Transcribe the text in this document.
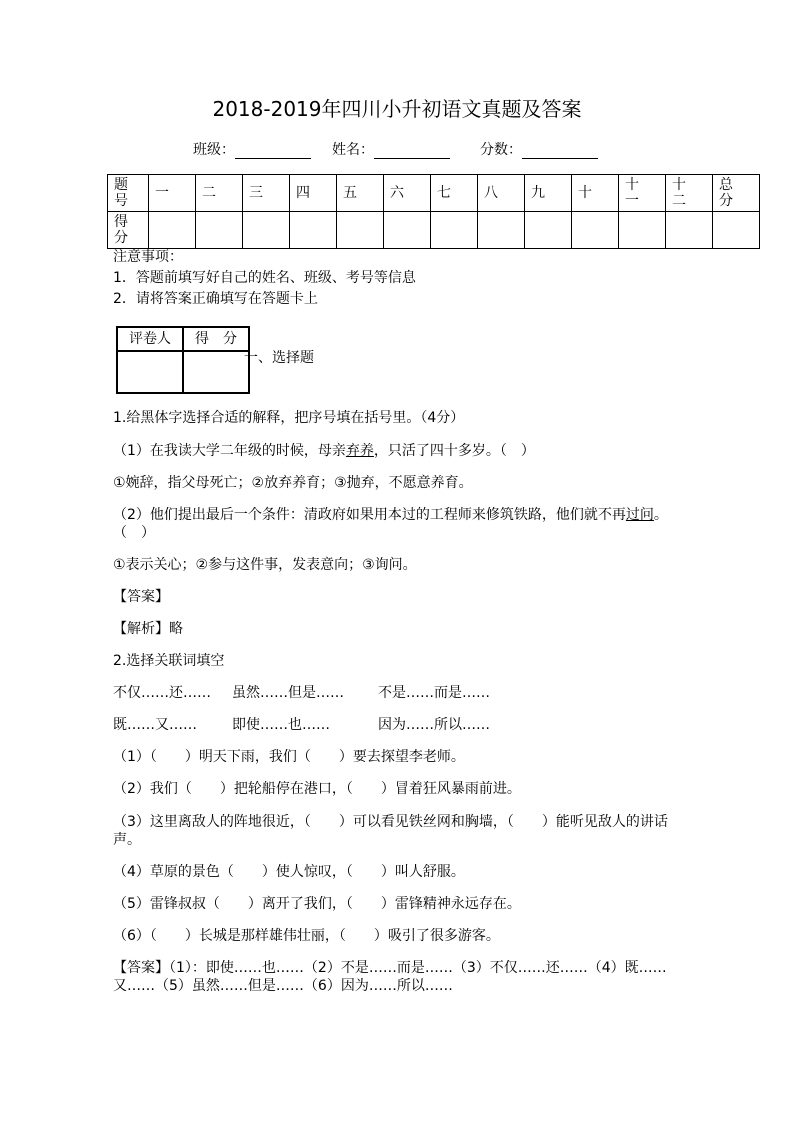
2018-2019年四川小升初语文真题及答案
班级：	姓名：	分数：
题号	一	二	三	四	五	六	七	八	九	十	十一	十二	总分
得分													
注意事项：
1．答题前填写好自己的姓名、班级、考号等信息
2．请将答案正确填写在答题卡上
评卷人	得　分

一、选择题
1.给黑体字选择合适的解释，把序号填在括号里。（4分）
（1）在我读大学二年级的时候，母亲弃养，只活了四十多岁。（　）
①婉辞，指父母死亡；②放弃养育；③抛弃，不愿意养育。
（2）他们提出最后一个条件：清政府如果用本过的工程师来修筑铁路，他们就不再过问。（　）
①表示关心；②参与这件事，发表意向；③询问。
【答案】
【解析】略
2.选择关联词填空
不仅……还…… 虽然……但是…… 不是……而是……
既……又……	即使……也……	因为……所以……
（1）（　　）明天下雨，我们（　　）要去探望李老师。
（2）我们（　　）把轮船停在港口，（　　）冒着狂风暴雨前进。
（3）这里离敌人的阵地很近，（　　）可以看见铁丝网和胸墙，（　　）能听见敌人的讲话声。
（4）草原的景色（　　）使人惊叹，（　　）叫人舒服。
（5）雷锋叔叔（　　）离开了我们，（　　）雷锋精神永远存在。
（6）（　　）长城是那样雄伟壮丽，（　　）吸引了很多游客。
【答案】（1）：即使……也……（2）不是……而是……（3）不仅……还……（4）既……又……（5）虽然……但是……（6）因为……所以……
